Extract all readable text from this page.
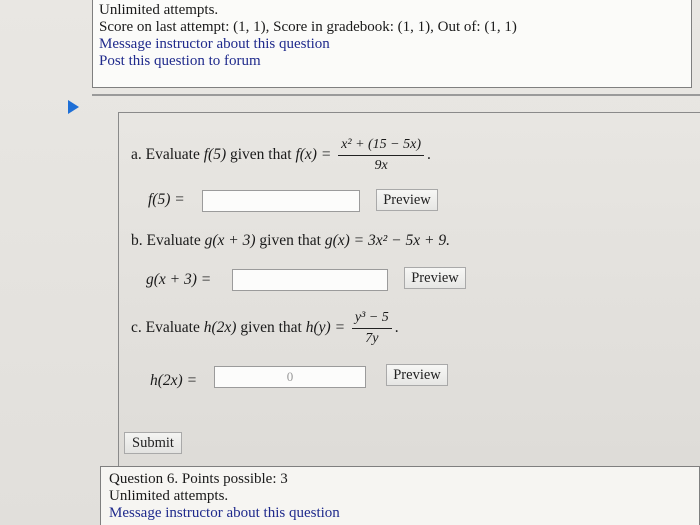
Unlimited attempts.
Score on last attempt: (1, 1), Score in gradebook: (1, 1), Out of: (1, 1)
Message instructor about this question
Post this question to forum
a. Evaluate f(5) given that $f(x) = \frac{\text{x² + (15 − 5x)}}{9x}$ .
f(5) =	Preview
b. Evaluate g(x + 3) given that g(x) = 3x² − 5x + 9.
g(x + 3) =	Preview
c. Evaluate h(2x) given that $h(y) = \frac{\text{y³ − 5}}{7y}$ .
h(2x) =
0	Preview
Submit
Question 6. Points possible: 3
Unlimited attempts.
Message instructor about this question
